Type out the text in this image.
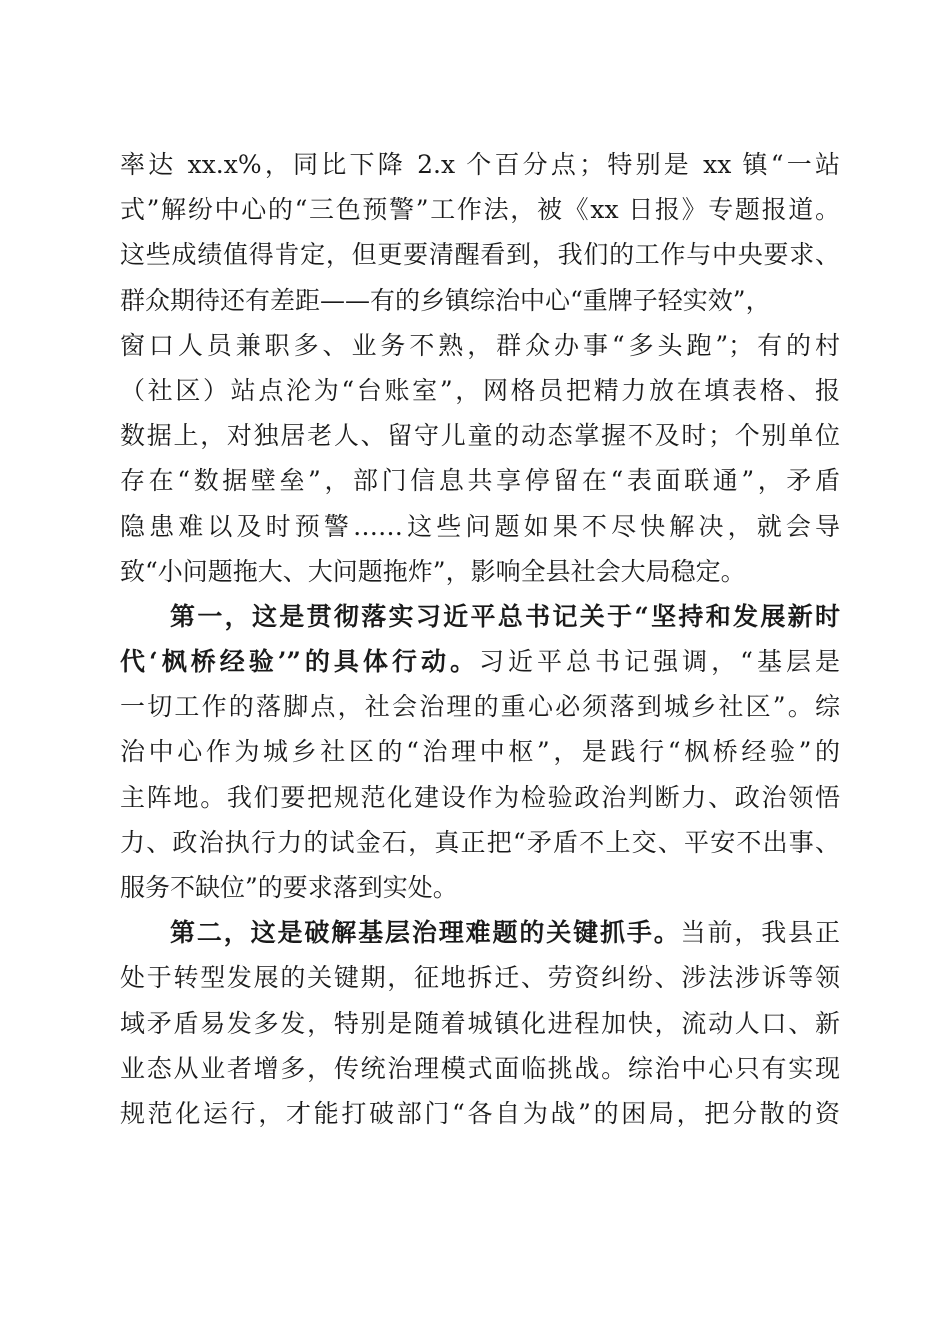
率达 xx.x%，同比下降 2.x 个百分点；特别是 xx 镇“一站
式”解纷中心的“三色预警”工作法，被《xx 日报》专题报道。
这些成绩值得肯定，但更要清醒看到，我们的工作与中央要求、
群众期待还有差距——有的乡镇综治中心“重牌子轻实效”，
窗口人员兼职多、业务不熟，群众办事“多头跑”；有的村
（社区）站点沦为“台账室”，网格员把精力放在填表格、报
数据上，对独居老人、留守儿童的动态掌握不及时；个别单位
存在“数据壁垒”，部门信息共享停留在“表面联通”，矛盾
隐患难以及时预警……这些问题如果不尽快解决，就会导
致“小问题拖大、大问题拖炸”，影响全县社会大局稳定。
第一，这是贯彻落实习近平总书记关于“坚持和发展新时
代‘枫桥经验’”的具体行动。习近平总书记强调，“基层是
一切工作的落脚点，社会治理的重心必须落到城乡社区”。综
治中心作为城乡社区的“治理中枢”，是践行“枫桥经验”的
主阵地。我们要把规范化建设作为检验政治判断力、政治领悟
力、政治执行力的试金石，真正把“矛盾不上交、平安不出事、
服务不缺位”的要求落到实处。
第二，这是破解基层治理难题的关键抓手。当前，我县正
处于转型发展的关键期，征地拆迁、劳资纠纷、涉法涉诉等领
域矛盾易发多发，特别是随着城镇化进程加快，流动人口、新
业态从业者增多，传统治理模式面临挑战。综治中心只有实现
规范化运行，才能打破部门“各自为战”的困局，把分散的资
